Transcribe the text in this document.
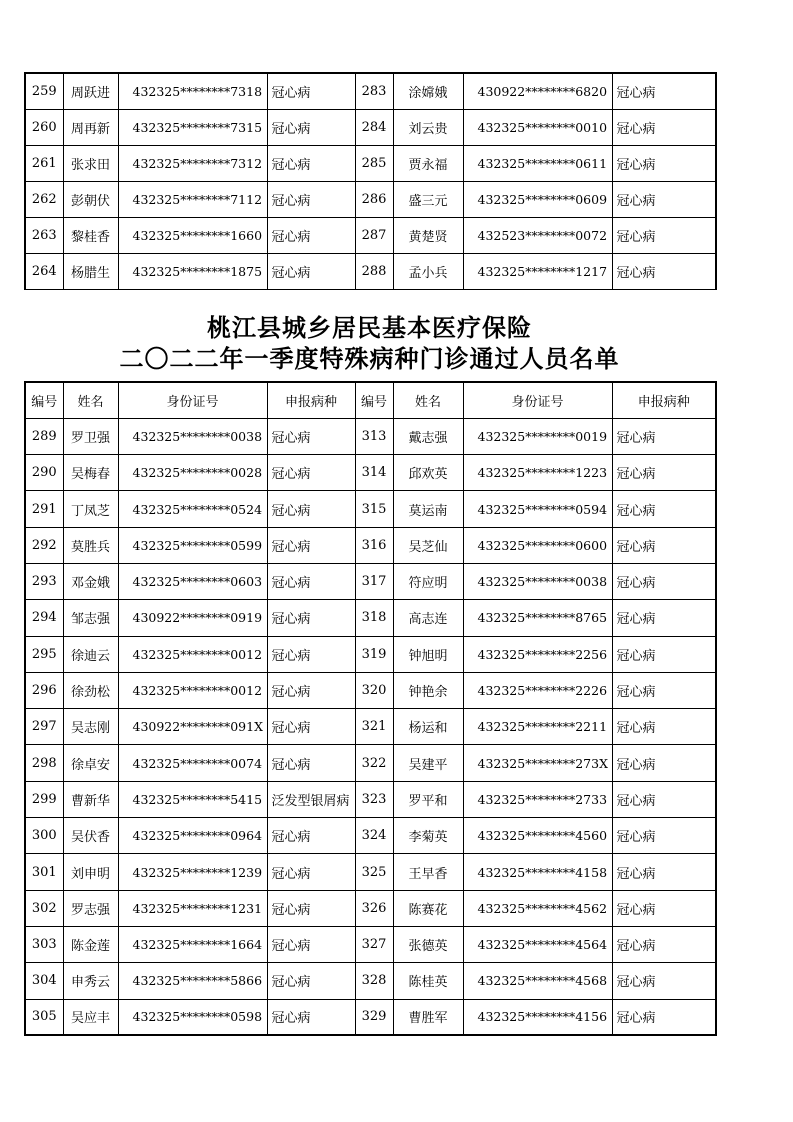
259	周跃进	432325********7318	冠心病	283	涂嫦娥	430922********6820	冠心病
260	周再新	432325********7315	冠心病	284	刘云贵	432325********0010	冠心病
261	张求田	432325********7312	冠心病	285	贾永福	432325********0611	冠心病
262	彭朝伏	432325********7112	冠心病	286	盛三元	432325********0609	冠心病
263	黎桂香	432325********1660	冠心病	287	黄楚贤	432523********0072	冠心病
264	杨腊生	432325********1875	冠心病	288	孟小兵	432325********1217	冠心病
桃江县城乡居民基本医疗保险
二〇二二年一季度特殊病种门诊通过人员名单
编号	姓名	身份证号	申报病种	编号	姓名	身份证号	申报病种
289	罗卫强	432325********0038	冠心病	313	戴志强	432325********0019	冠心病
290	吴梅春	432325********0028	冠心病	314	邱欢英	432325********1223	冠心病
291	丁凤芝	432325********0524	冠心病	315	莫运南	432325********0594	冠心病
292	莫胜兵	432325********0599	冠心病	316	吴芝仙	432325********0600	冠心病
293	邓金娥	432325********0603	冠心病	317	符应明	432325********0038	冠心病
294	邹志强	430922********0919	冠心病	318	高志连	432325********8765	冠心病
295	徐迪云	432325********0012	冠心病	319	钟旭明	432325********2256	冠心病
296	徐劲松	432325********0012	冠心病	320	钟艳余	432325********2226	冠心病
297	吴志刚	430922********091X	冠心病	321	杨运和	432325********2211	冠心病
298	徐卓安	432325********0074	冠心病	322	吴建平	432325********273X	冠心病
299	曹新华	432325********5415	泛发型银屑病	323	罗平和	432325********2733	冠心病
300	吴伏香	432325********0964	冠心病	324	李菊英	432325********4560	冠心病
301	刘申明	432325********1239	冠心病	325	王早香	432325********4158	冠心病
302	罗志强	432325********1231	冠心病	326	陈赛花	432325********4562	冠心病
303	陈金莲	432325********1664	冠心病	327	张德英	432325********4564	冠心病
304	申秀云	432325********5866	冠心病	328	陈桂英	432325********4568	冠心病
305	吴应丰	432325********0598	冠心病	329	曹胜军	432325********4156	冠心病
